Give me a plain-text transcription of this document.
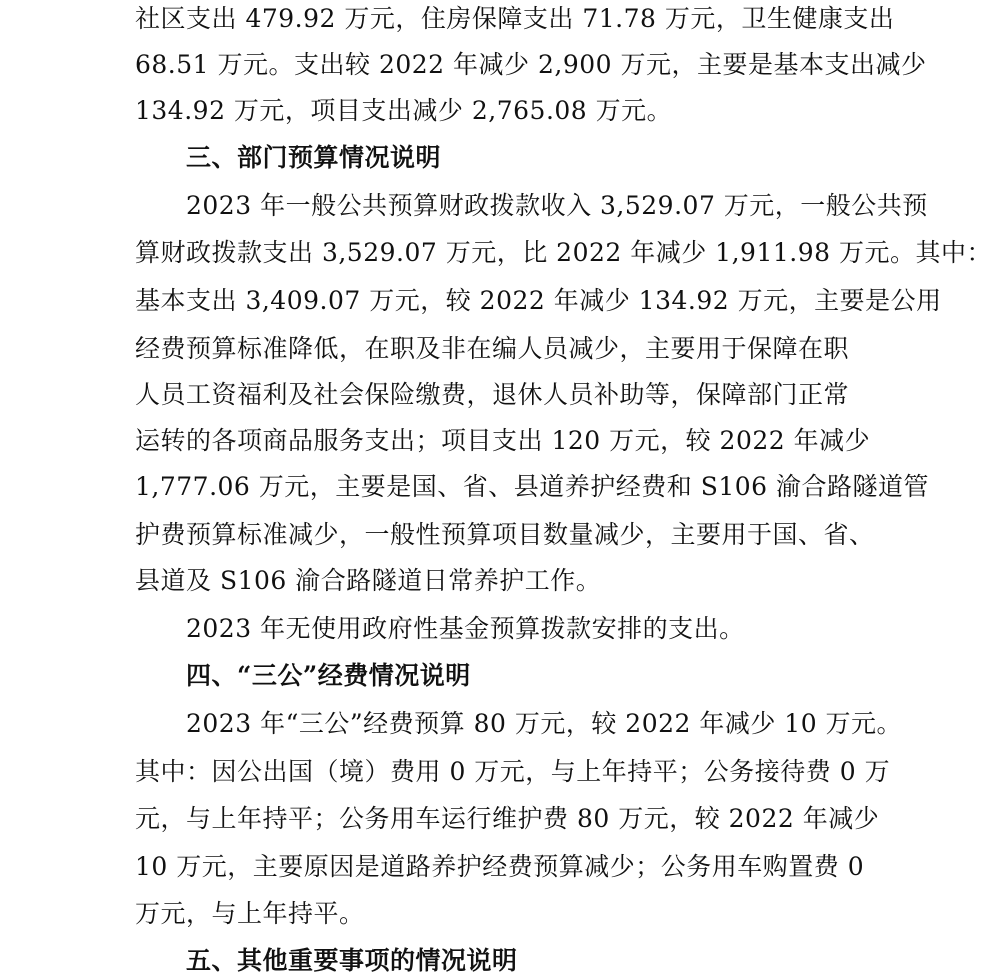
社区支出 479.92 万元，住房保障支出 71.78 万元，卫生健康支出
68.51 万元。支出较 2022 年减少 2,900 万元，主要是基本支出减少
134.92 万元，项目支出减少 2,765.08 万元。
三、部门预算情况说明
2023 年一般公共预算财政拨款收入 3,529.07 万元，一般公共预
算财政拨款支出 3,529.07 万元，比 2022 年减少 1,911.98 万元。其中：
基本支出 3,409.07 万元，较 2022 年减少 134.92 万元，主要是公用
经费预算标准降低，在职及非在编人员减少，主要用于保障在职
人员工资福利及社会保险缴费，退休人员补助等，保障部门正常
运转的各项商品服务支出；项目支出 120 万元，较 2022 年减少
1,777.06 万元，主要是国、省、县道养护经费和 S106 渝合路隧道管
护费预算标准减少，一般性预算项目数量减少，主要用于国、省、
县道及 S106 渝合路隧道日常养护工作。
2023 年无使用政府性基金预算拨款安排的支出。
四、“三公”经费情况说明
2023 年“三公”经费预算 80 万元，较 2022 年减少 10 万元。
其中：因公出国（境）费用 0 万元，与上年持平；公务接待费 0 万
元，与上年持平；公务用车运行维护费 80 万元，较 2022 年减少
10 万元，主要原因是道路养护经费预算减少；公务用车购置费 0
万元，与上年持平。
五、其他重要事项的情况说明
